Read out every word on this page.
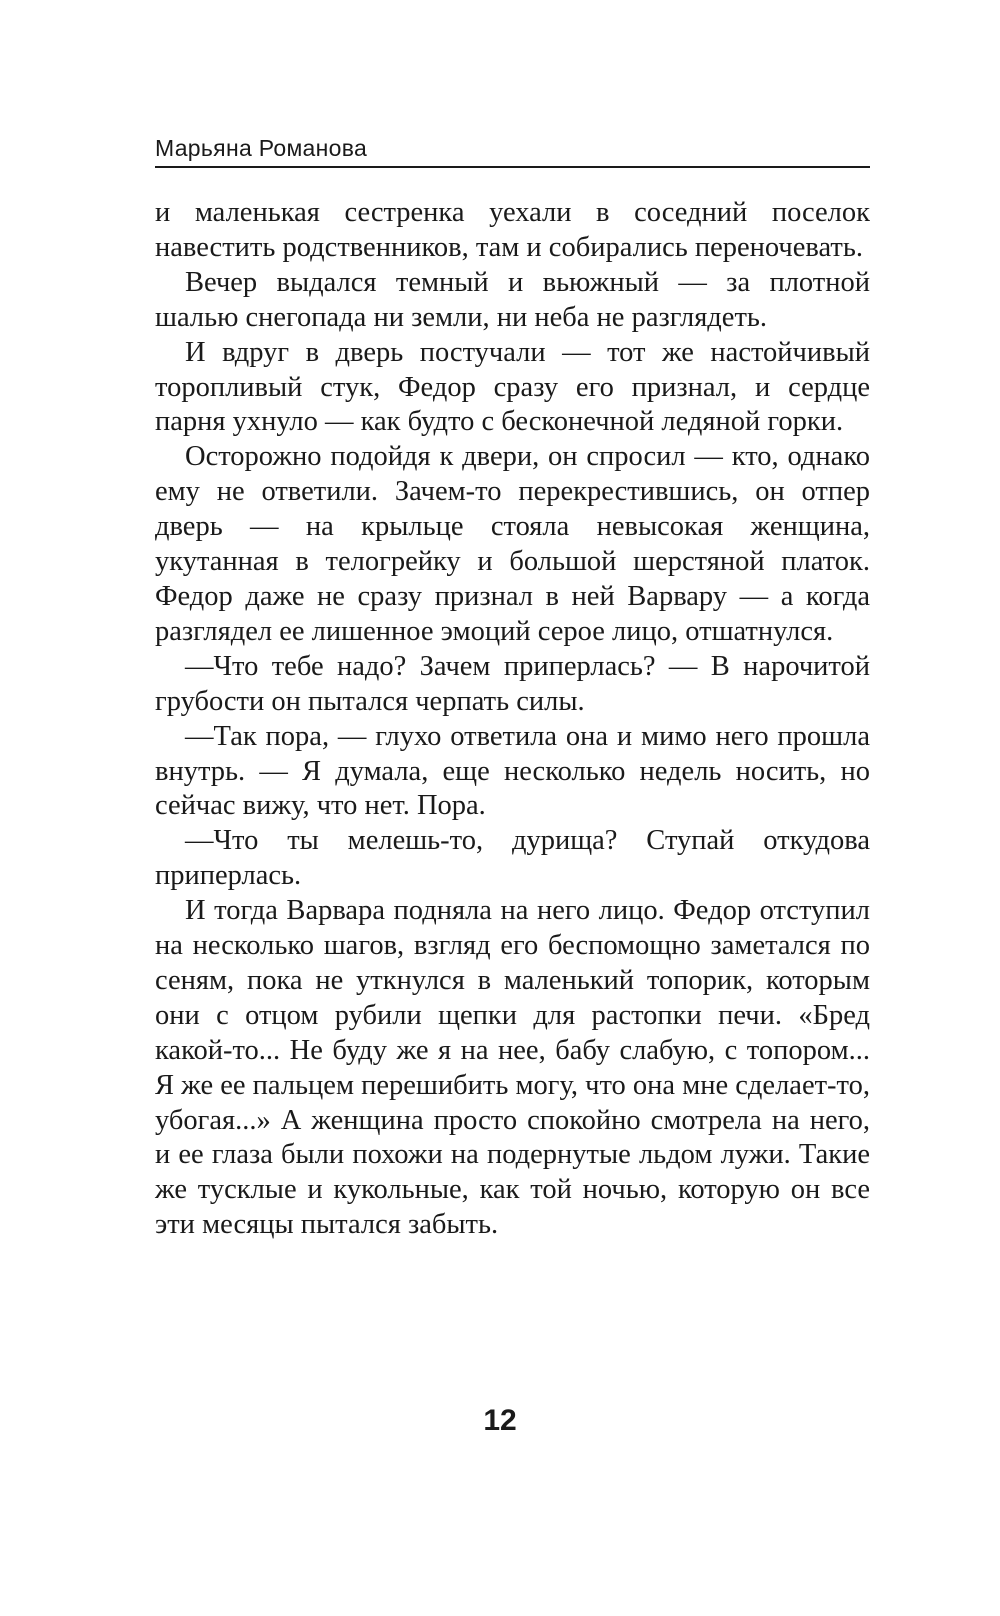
Марьяна Романова

и маленькая сестренка уехали в соседний поселок навестить родственников, там и собирались переночевать.

Вечер выдался темный и вьюжный — за плотной шалью снегопада ни земли, ни неба не разглядеть.

И вдруг в дверь постучали — тот же настойчивый торопливый стук, Федор сразу его признал, и сердце парня ухнуло — как будто с бесконечной ледяной горки.

Осторожно подойдя к двери, он спросил — кто, однако ему не ответили. Зачем-то перекрестившись, он отпер дверь — на крыльце стояла невысокая женщина, укутанная в телогрейку и большой шерстяной платок. Федор даже не сразу признал в ней Варвару — а когда разглядел ее лишенное эмоций серое лицо, отшатнулся.

—Что тебе надо? Зачем приперлась? — В нарочитой грубости он пытался черпать силы.

—Так пора, — глухо ответила она и мимо него прошла внутрь. — Я думала, еще несколько недель носить, но сейчас вижу, что нет. Пора.

—Что ты мелешь-то, дурища? Ступай откудова приперлась.

И тогда Варвара подняла на него лицо. Федор отступил на несколько шагов, взгляд его беспомощно заметался по сеням, пока не уткнулся в маленький топорик, которым они с отцом рубили щепки для растопки печи. «Бред какой-то... Не буду же я на нее, бабу слабую, с топором... Я же ее пальцем перешибить могу, что она мне сделает-то, убогая...» А женщина просто спокойно смотрела на него, и ее глаза были похожи на подернутые льдом лужи. Такие же тусклые и кукольные, как той ночью, которую он все эти месяцы пытался забыть.

12
